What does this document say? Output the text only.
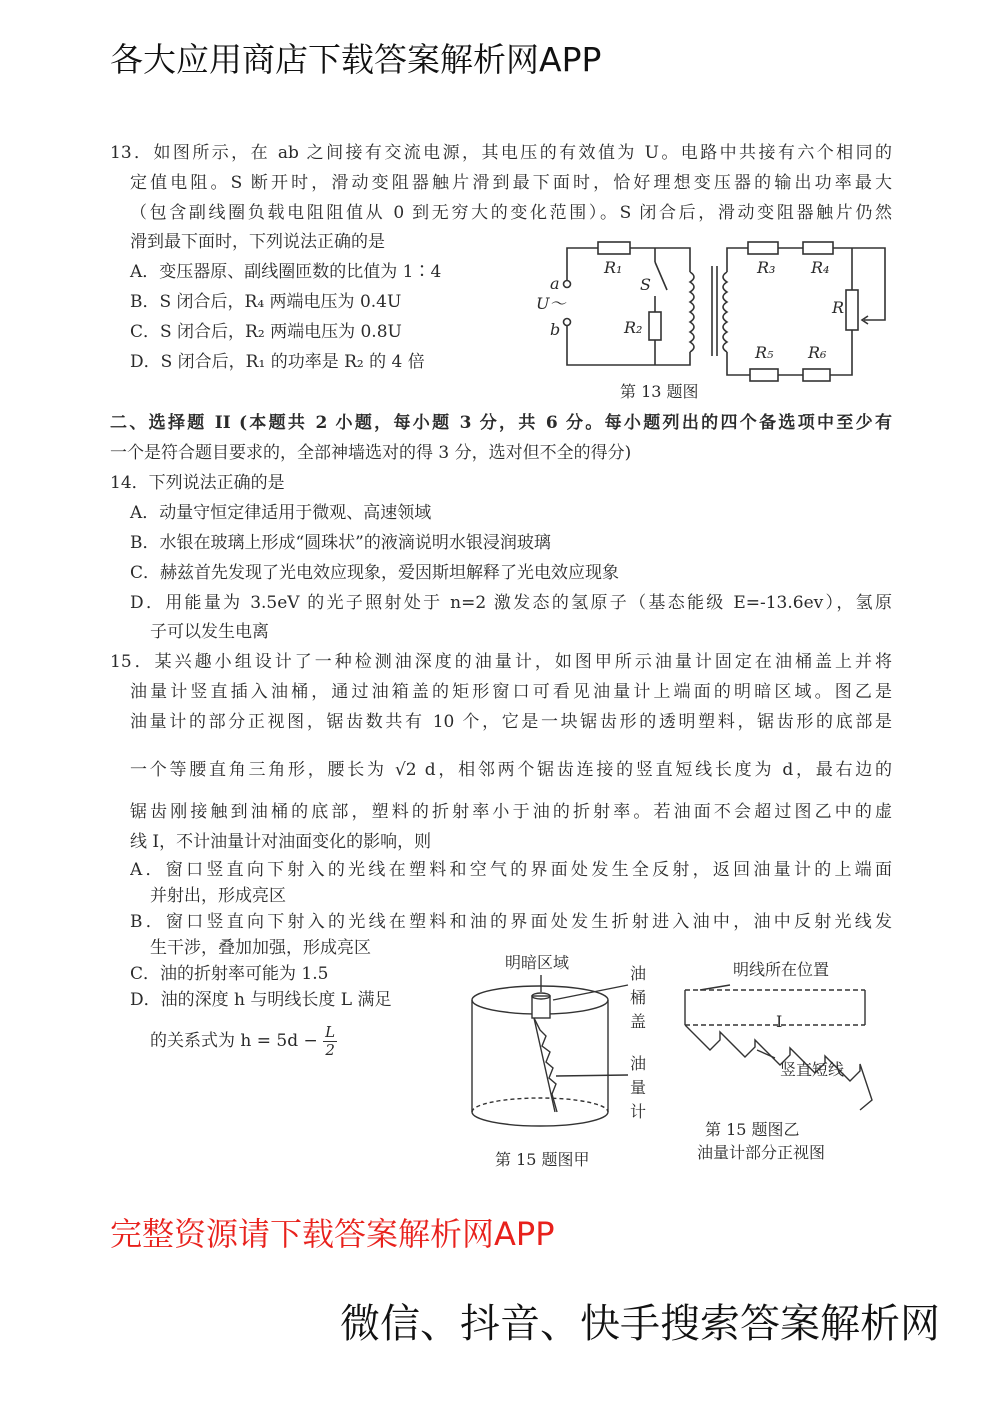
各大应用商店下载答案解析网APP
13．如图所示，在 ab 之间接有交流电源，其电压的有效值为 U。电路中共接有六个相同的
定值电阻。S 断开时，滑动变阻器触片滑到最下面时，恰好理想变压器的输出功率最大
（包含副线圈负载电阻阻值从 0 到无穷大的变化范围）。S 闭合后，滑动变阻器触片仍然
滑到最下面时，下列说法正确的是
A．变压器原、副线圈匝数的比值为 1∶4
B．S 闭合后，R₄ 两端电压为 0.4U
C．S 闭合后，R₂ 两端电压为 0.8U
D．S 闭合后，R₁ 的功率是 R₂ 的 4 倍
a
U～
b
R₁
S
R₂
R₃ R₄
R
R₅ R₆
第 13 题图
二、选择题 II (本题共 2 小题，每小题 3 分，共 6 分。每小题列出的四个备选项中至少有
一个是符合题目要求的，全部神墙选对的得 3 分，选对但不全的得分)
14．下列说法正确的是
A．动量守恒定律适用于微观、高速领域
B．水银在玻璃上形成“圆珠状”的液滴说明水银浸润玻璃
C．赫兹首先发现了光电效应现象，爱因斯坦解释了光电效应现象
D．用能量为 3.5eV 的光子照射处于 n=2 激发态的氢原子（基态能级 E=-13.6ev），氢原
子可以发生电离
15．某兴趣小组设计了一种检测油深度的油量计，如图甲所示油量计固定在油桶盖上并将
油量计竖直插入油桶，通过油箱盖的矩形窗口可看见油量计上端面的明暗区域。图乙是
油量计的部分正视图，锯齿数共有 10 个，它是一块锯齿形的透明塑料，锯齿形的底部是
一个等腰直角三角形，腰长为 √2 d，相邻两个锯齿连接的竖直短线长度为 d，最右边的
锯齿刚接触到油桶的底部，塑料的折射率小于油的折射率。若油面不会超过图乙中的虚
线 I，不计油量计对油面变化的影响，则
A．窗口竖直向下射入的光线在塑料和空气的界面处发生全反射，返回油量计的上端面
并射出，形成亮区
B．窗口竖直向下射入的光线在塑料和油的界面处发生折射进入油中，油中反射光线发
生干涉，叠加加强，形成亮区
C．油的折射率可能为 1.5
D．油的深度 h 与明线长度 L 满足
的关系式为 $h = 5d - \frac{L}{2}$
明暗区域
油桶盖
油量计
第 15 题图甲
明线所在位置
I
竖直短线
第 15 题图乙
油量计部分正视图
完整资源请下载答案解析网APP
微信、抖音、快手搜索答案解析网
